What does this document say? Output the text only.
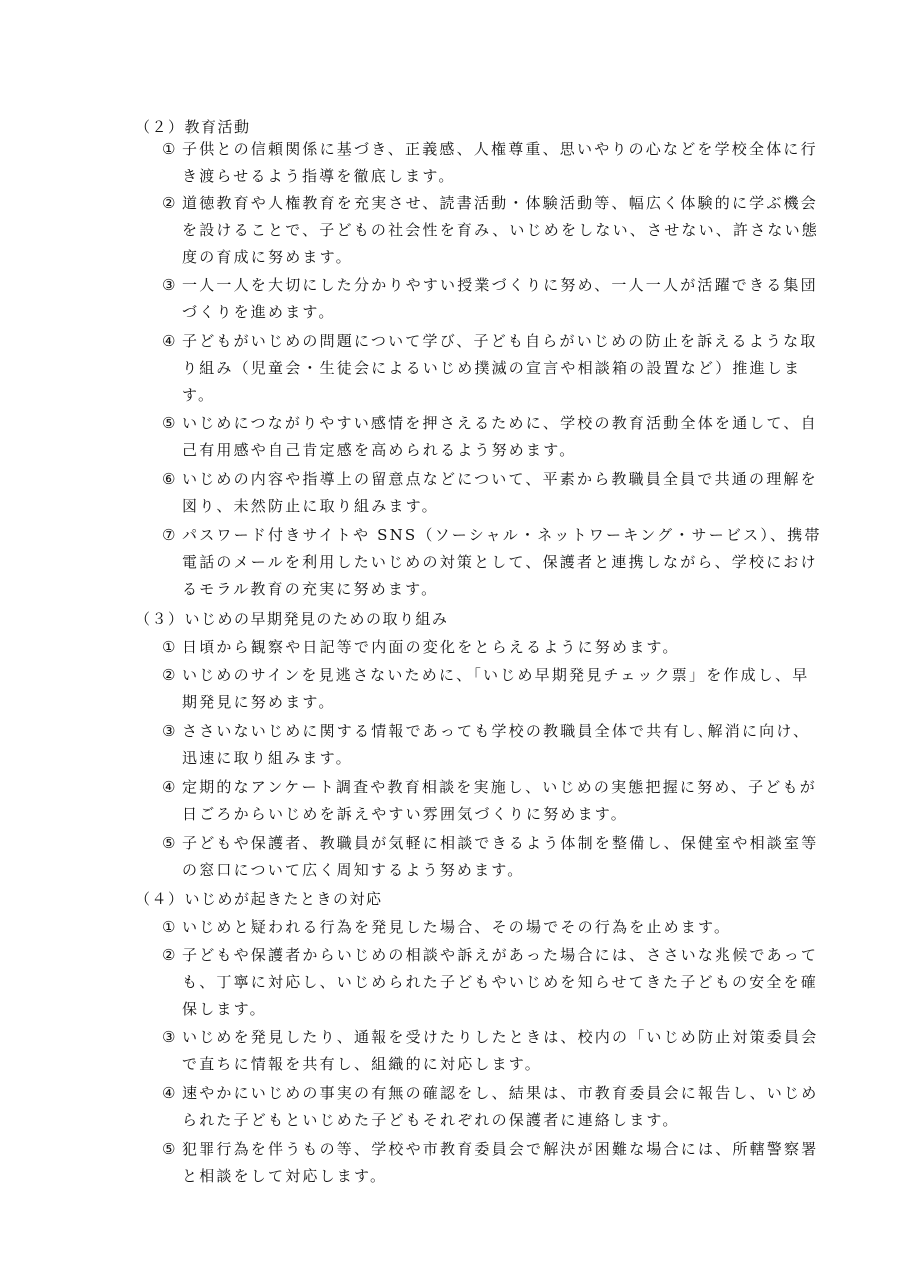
（２）教育活動
① 子供との信頼関係に基づき、正義感、人権尊重、思いやりの心などを学校全体に行き渡らせるよう指導を徹底します。
② 道徳教育や人権教育を充実させ、読書活動・体験活動等、幅広く体験的に学ぶ機会を設けることで、子どもの社会性を育み、いじめをしない、させない、許さない態度の育成に努めます。
③ 一人一人を大切にした分かりやすい授業づくりに努め、一人一人が活躍できる集団づくりを進めます。
④ 子どもがいじめの問題について学び、子ども自らがいじめの防止を訴えるような取り組み（児童会・生徒会によるいじめ撲滅の宣言や相談箱の設置など）推進します。
⑤ いじめにつながりやすい感情を押さえるために、学校の教育活動全体を通して、自己有用感や自己肯定感を高められるよう努めます。
⑥ いじめの内容や指導上の留意点などについて、平素から教職員全員で共通の理解を図り、未然防止に取り組みます。
⑦ パスワード付きサイトや SNS（ソーシャル・ネットワーキング・サービス）、携帯電話のメールを利用したいじめの対策として、保護者と連携しながら、学校におけるモラル教育の充実に努めます。
（３）いじめの早期発見のための取り組み
① 日頃から観察や日記等で内面の変化をとらえるように努めます。
② いじめのサインを見逃さないために、「いじめ早期発見チェック票」を作成し、早期発見に努めます。
③ ささいないじめに関する情報であっても学校の教職員全体で共有し､解消に向け、迅速に取り組みます。
④ 定期的なアンケート調査や教育相談を実施し、いじめの実態把握に努め、子どもが日ごろからいじめを訴えやすい雰囲気づくりに努めます。
⑤ 子どもや保護者、教職員が気軽に相談できるよう体制を整備し、保健室や相談室等の窓口について広く周知するよう努めます。
（４）いじめが起きたときの対応
① いじめと疑われる行為を発見した場合、その場でその行為を止めます。
② 子どもや保護者からいじめの相談や訴えがあった場合には、ささいな兆候であっても、丁寧に対応し、いじめられた子どもやいじめを知らせてきた子どもの安全を確　保します。
③ いじめを発見したり、通報を受けたりしたときは、校内の「いじめ防止対策委員会で直ちに情報を共有し、組織的に対応します。
④ 速やかにいじめの事実の有無の確認をし、結果は、市教育委員会に報告し、いじめられた子どもといじめた子どもそれぞれの保護者に連絡します。
⑤ 犯罪行為を伴うもの等、学校や市教育委員会で解決が困難な場合には、所轄警察署と相談をして対応します。
